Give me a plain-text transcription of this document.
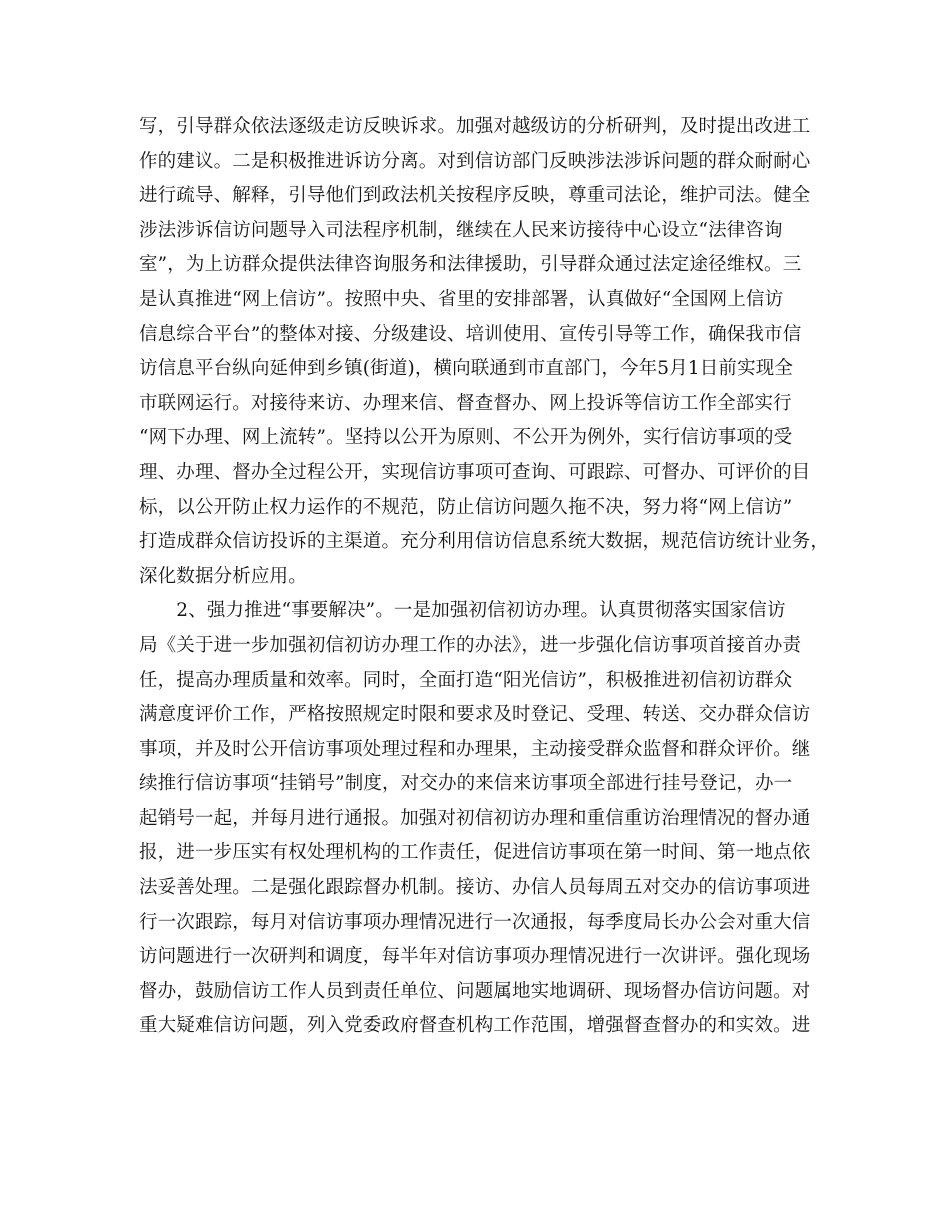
写，引导群众依法逐级走访反映诉求。加强对越级访的分析研判，及时提出改进工
作的建议。二是积极推进诉访分离。对到信访部门反映涉法涉诉问题的群众耐耐心
进行疏导、解释，引导他们到政法机关按程序反映，尊重司法论，维护司法。健全
涉法涉诉信访问题导入司法程序机制，继续在人民来访接待中心设立“法律咨询
室”，为上访群众提供法律咨询服务和法律援助，引导群众通过法定途径维权。三
是认真推进“网上信访”。按照中央、省里的安排部署，认真做好“全国网上信访
信息综合平台”的整体对接、分级建设、培训使用、宣传引导等工作，确保我市信
访信息平台纵向延伸到乡镇(街道)，横向联通到市直部门，今年5月1日前实现全
市联网运行。对接待来访、办理来信、督查督办、网上投诉等信访工作全部实行
“网下办理、网上流转”。坚持以公开为原则、不公开为例外，实行信访事项的受
理、办理、督办全过程公开，实现信访事项可查询、可跟踪、可督办、可评价的目
标，以公开防止权力运作的不规范，防止信访问题久拖不决，努力将“网上信访”
打造成群众信访投诉的主渠道。充分利用信访信息系统大数据，规范信访统计业务，
深化数据分析应用。
　　2、强力推进“事要解决”。一是加强初信初访办理。认真贯彻落实国家信访
局《关于进一步加强初信初访办理工作的办法》，进一步强化信访事项首接首办责
任，提高办理质量和效率。同时，全面打造“阳光信访”，积极推进初信初访群众
满意度评价工作，严格按照规定时限和要求及时登记、受理、转送、交办群众信访
事项，并及时公开信访事项处理过程和办理果，主动接受群众监督和群众评价。继
续推行信访事项“挂销号”制度，对交办的来信来访事项全部进行挂号登记，办一
起销号一起，并每月进行通报。加强对初信初访办理和重信重访治理情况的督办通
报，进一步压实有权处理机构的工作责任，促进信访事项在第一时间、第一地点依
法妥善处理。二是强化跟踪督办机制。接访、办信人员每周五对交办的信访事项进
行一次跟踪，每月对信访事项办理情况进行一次通报，每季度局长办公会对重大信
访问题进行一次研判和调度，每半年对信访事项办理情况进行一次讲评。强化现场
督办，鼓励信访工作人员到责任单位、问题属地实地调研、现场督办信访问题。对
重大疑难信访问题，列入党委政府督查机构工作范围，增强督查督办的和实效。进
